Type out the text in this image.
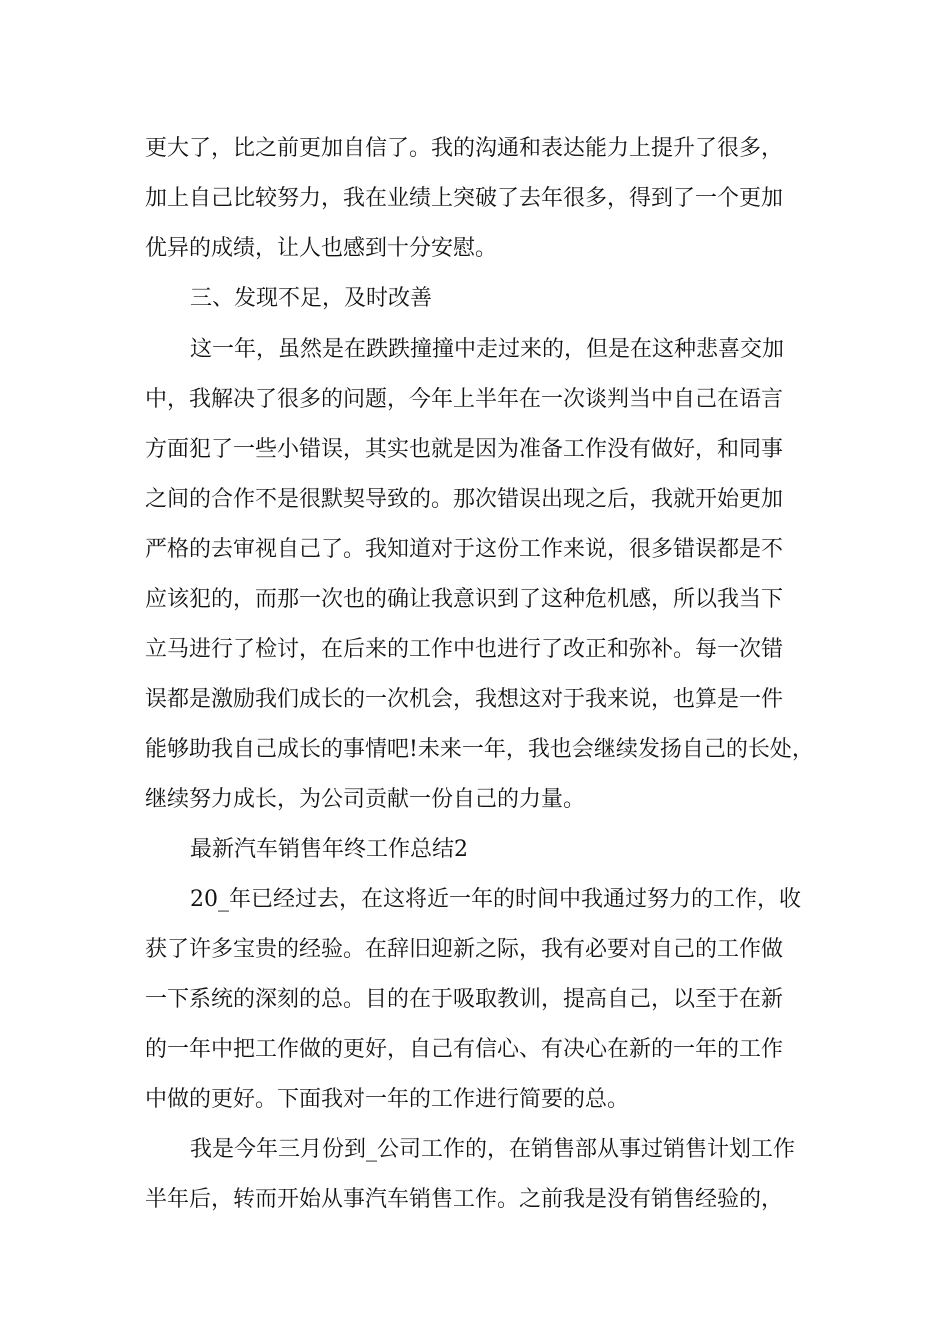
更大了，比之前更加自信了。我的沟通和表达能力上提升了很多，
加上自己比较努力，我在业绩上突破了去年很多，得到了一个更加
优异的成绩，让人也感到十分安慰。
三、发现不足，及时改善
这一年，虽然是在跌跌撞撞中走过来的，但是在这种悲喜交加
中，我解决了很多的问题，今年上半年在一次谈判当中自己在语言
方面犯了一些小错误，其实也就是因为准备工作没有做好，和同事
之间的合作不是很默契导致的。那次错误出现之后，我就开始更加
严格的去审视自己了。我知道对于这份工作来说，很多错误都是不
应该犯的，而那一次也的确让我意识到了这种危机感，所以我当下
立马进行了检讨，在后来的工作中也进行了改正和弥补。每一次错
误都是激励我们成长的一次机会，我想这对于我来说，也算是一件
能够助我自己成长的事情吧!未来一年，我也会继续发扬自己的长处，
继续努力成长，为公司贡献一份自己的力量。
最新汽车销售年终工作总结2
20_年已经过去，在这将近一年的时间中我通过努力的工作，收
获了许多宝贵的经验。在辞旧迎新之际，我有必要对自己的工作做
一下系统的深刻的总。目的在于吸取教训，提高自己，以至于在新
的一年中把工作做的更好，自己有信心、有决心在新的一年的工作
中做的更好。下面我对一年的工作进行简要的总。
我是今年三月份到_公司工作的，在销售部从事过销售计划工作
半年后，转而开始从事汽车销售工作。之前我是没有销售经验的，
